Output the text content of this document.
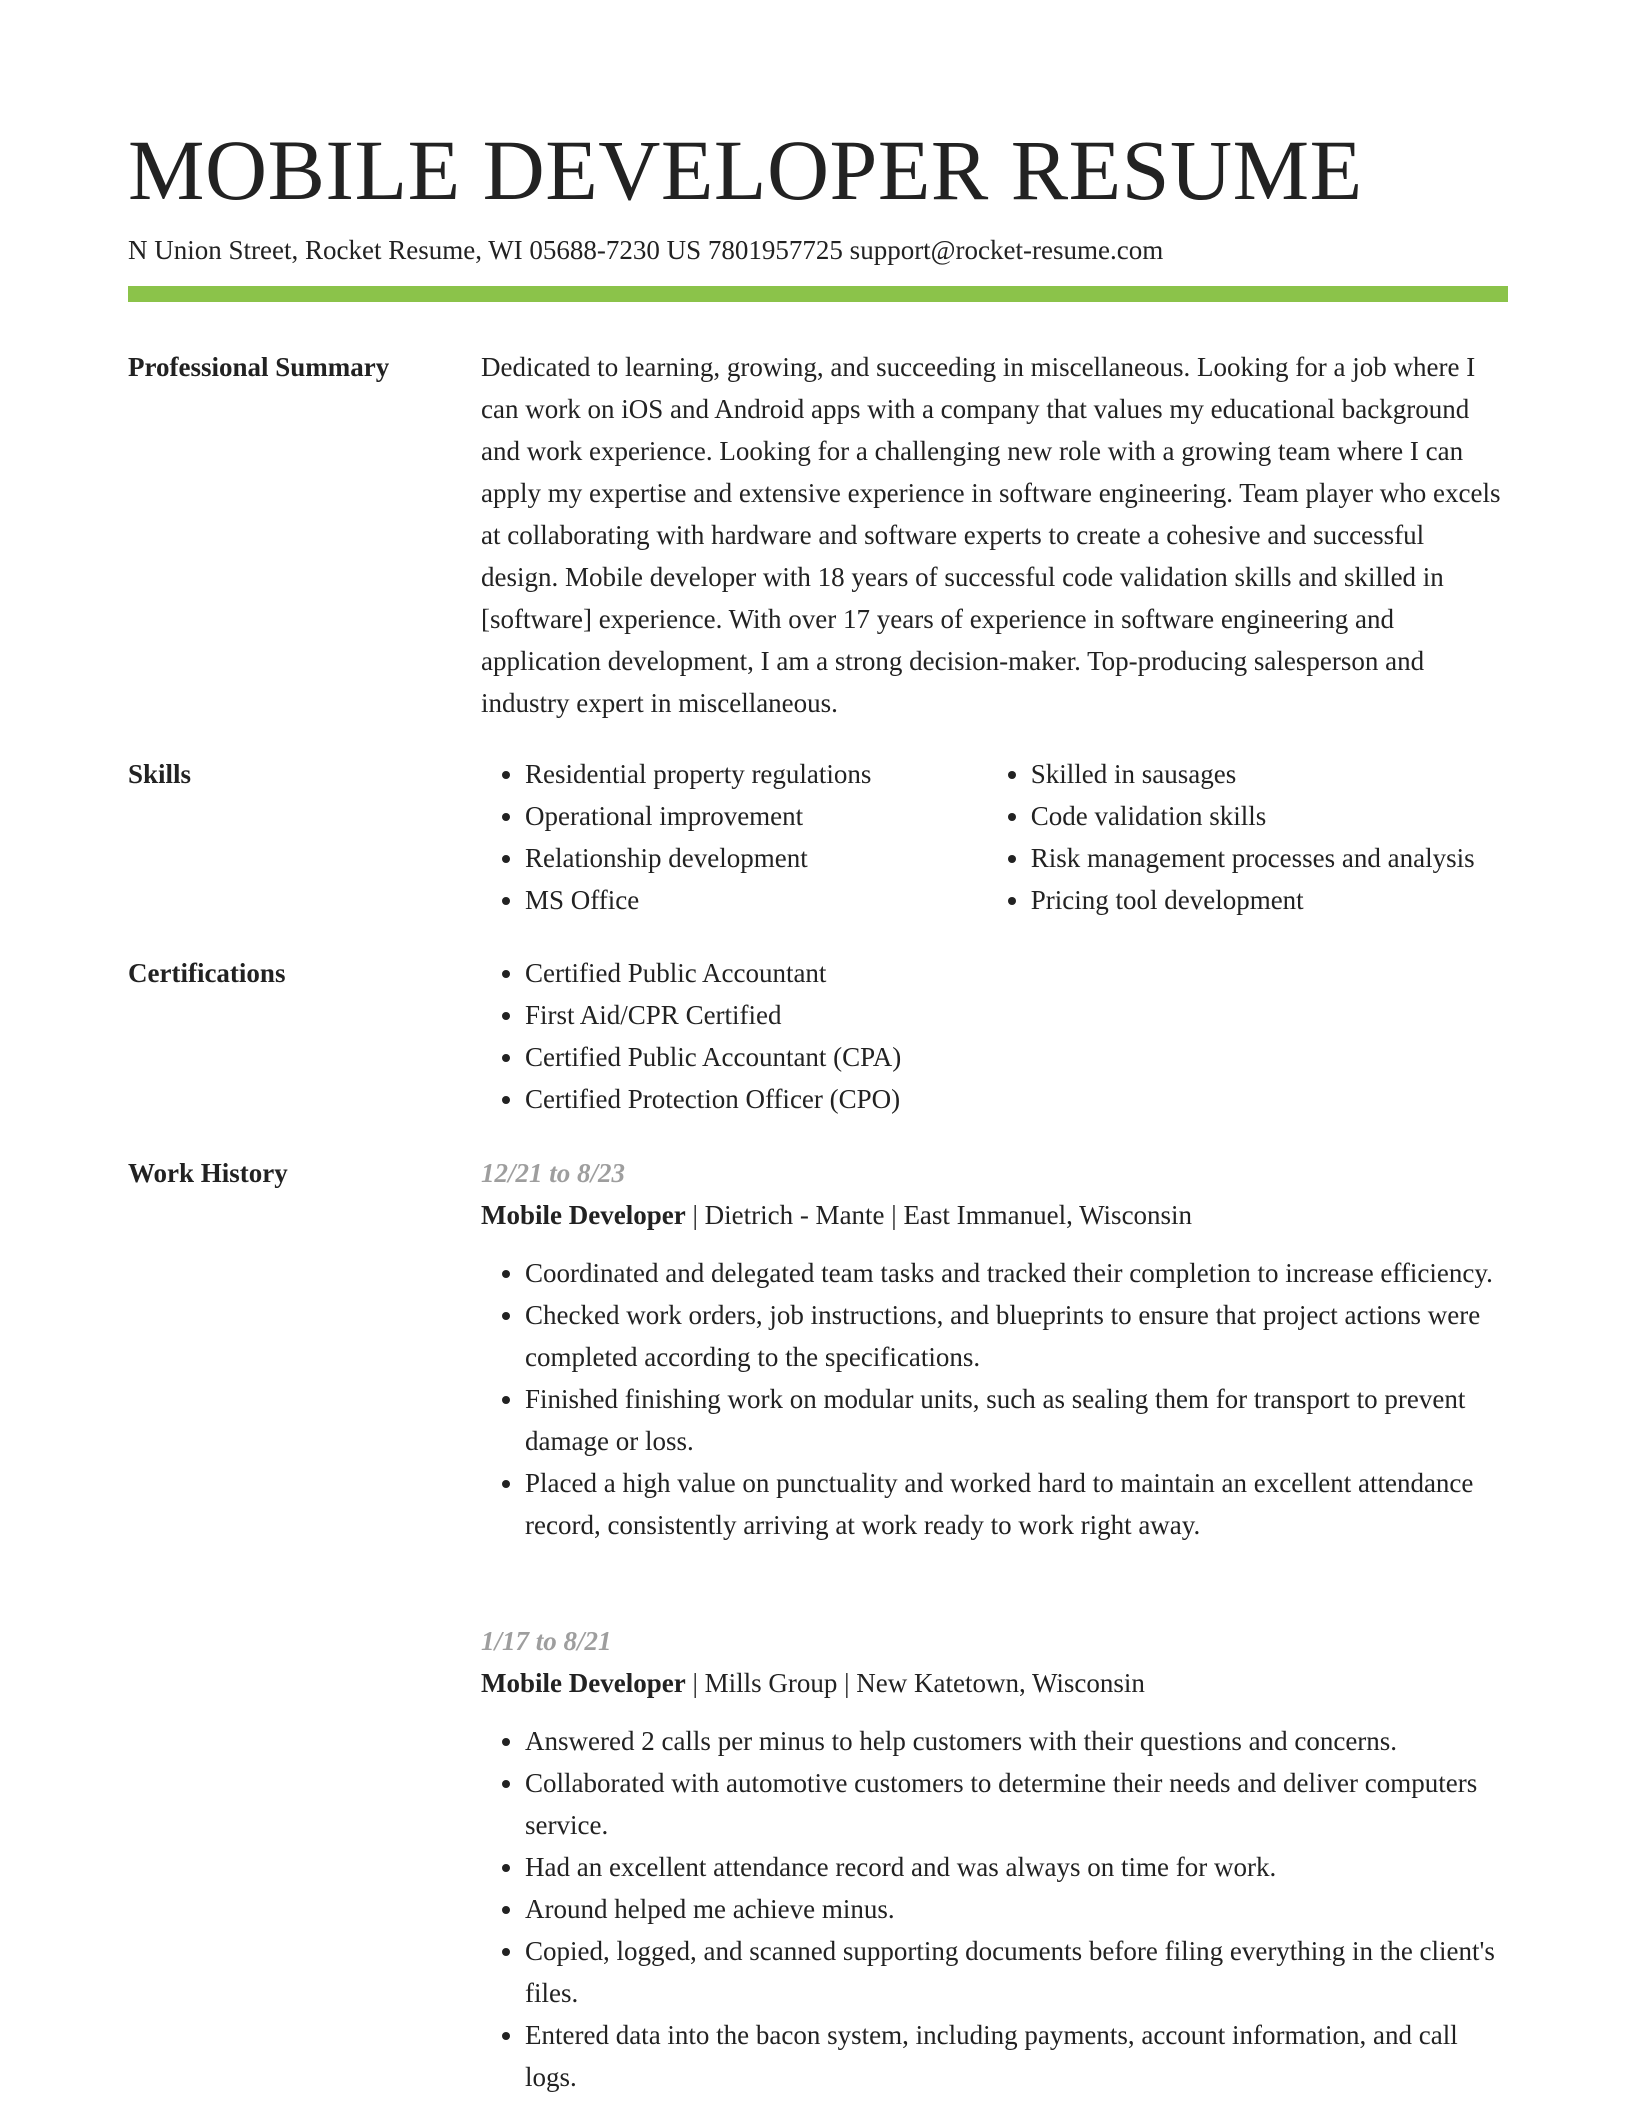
MOBILE DEVELOPER RESUME
N Union Street, Rocket Resume, WI 05688-7230 US 7801957725 support@rocket-resume.com
Professional Summary	Dedicated to learning, growing, and succeeding in miscellaneous. Looking for a job where I can work on iOS and Android apps with a company that values my educational background and work experience. Looking for a challenging new role with a growing team where I can apply my expertise and extensive experience in software engineering. Team player who excels at collaborating with hardware and software experts to create a cohesive and successful design. Mobile developer with 18 years of successful code validation skills and skilled in [software] experience. With over 17 years of experience in software engineering and application development, I am a strong decision-maker. Top-producing salesperson and industry expert in miscellaneous.

Skills	• Residential property regulations
• Operational improvement
• Relationship development
• MS Office
• Skilled in sausages
• Code validation skills
• Risk management processes and analysis
• Pricing tool development
Certifications	• Certified Public Accountant
• First Aid/CPR Certified
• Certified Public Accountant (CPA)
• Certified Protection Officer (CPO)
Work History	12/21 to 8/23
Mobile Developer | Dietrich - Mante | East Immanuel, Wisconsin
• Coordinated and delegated team tasks and tracked their completion to increase efficiency.
• Checked work orders, job instructions, and blueprints to ensure that project actions were completed according to the specifications.
• Finished finishing work on modular units, such as sealing them for transport to prevent damage or loss.
• Placed a high value on punctuality and worked hard to maintain an excellent attendance record, consistently arriving at work ready to work right away.
1/17 to 8/21
Mobile Developer | Mills Group | New Katetown, Wisconsin
• Answered 2 calls per minus to help customers with their questions and concerns.
• Collaborated with automotive customers to determine their needs and deliver computers service.
• Had an excellent attendance record and was always on time for work.
• Around helped me achieve minus.
• Copied, logged, and scanned supporting documents before filing everything in the client's files.
• Entered data into the bacon system, including payments, account information, and call logs.
